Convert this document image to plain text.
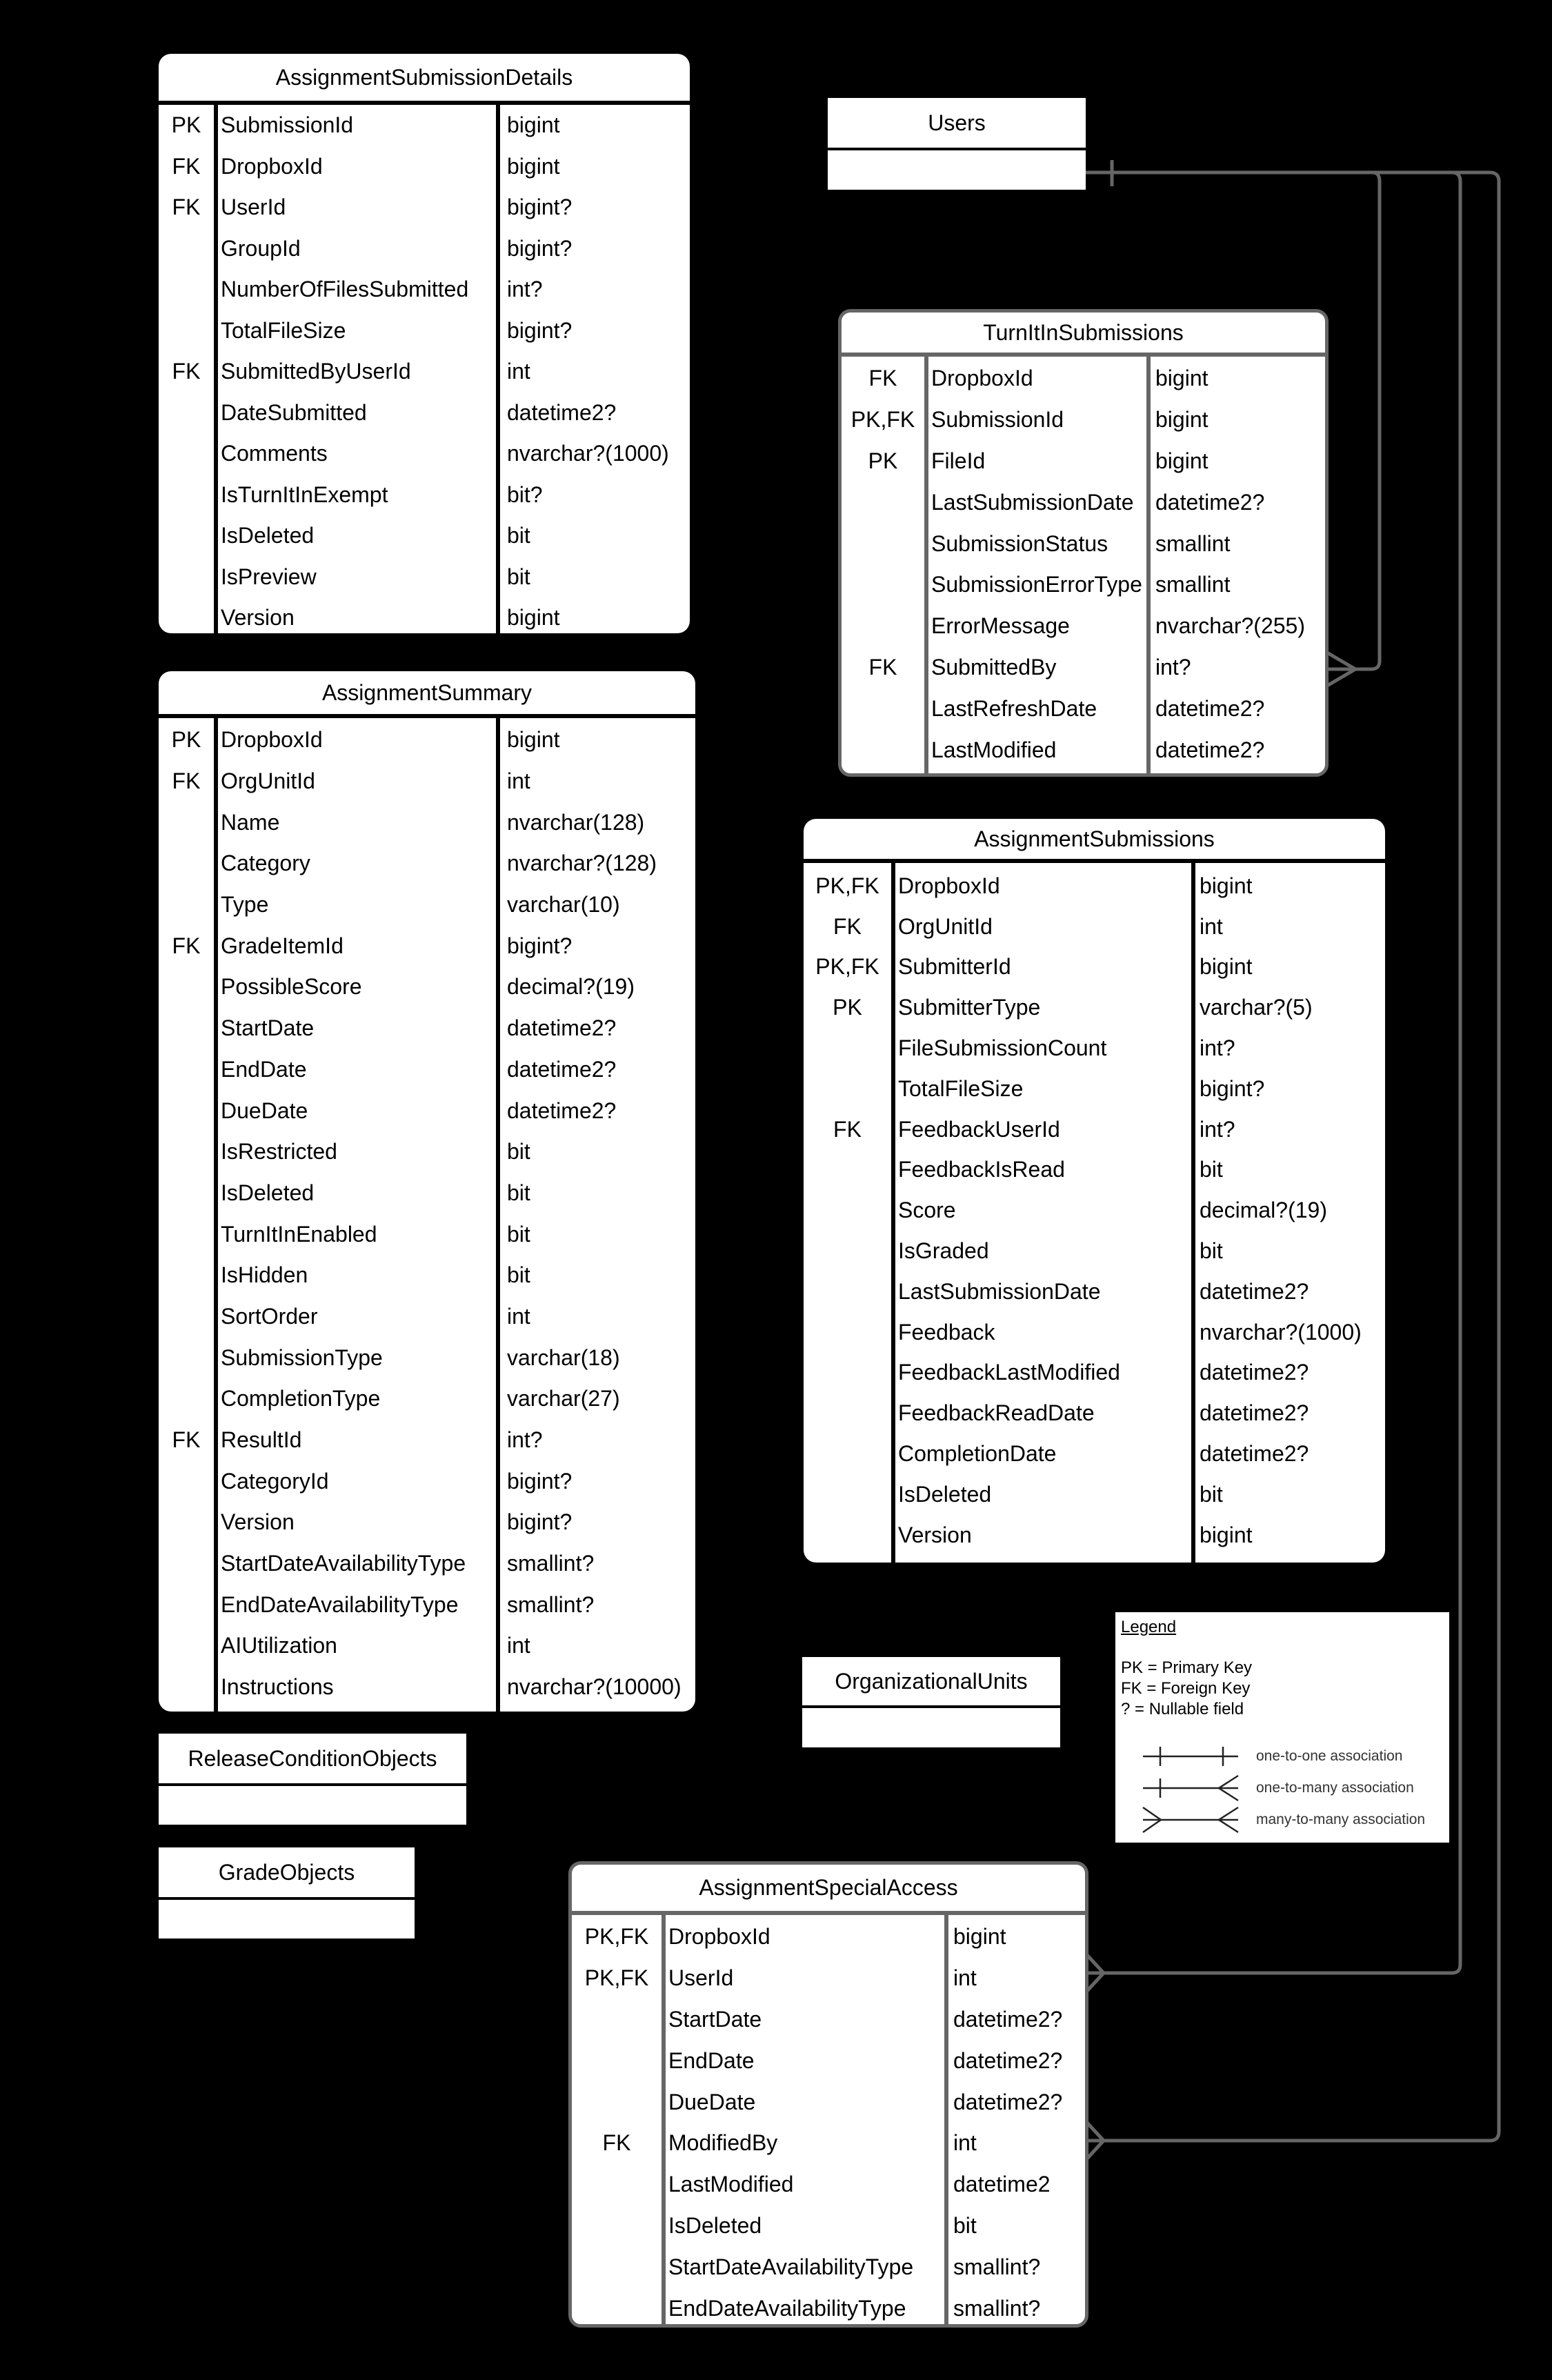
AssignmentSubmissionDetails
PK SubmissionId	bigint
FK DropboxId	bigint
FK UserId	bigint?
GroupId	bigint?
NumberOfFilesSubmitted	int?
TotalFileSize	bigint?
FK SubmittedByUserId	int
DateSubmitted	datetime2?
Comments	nvarchar?(1000)
IsTurnItInExempt	bit?
IsDeleted	bit
IsPreview	bit
Version	bigint
Users
TurnItInSubmissions
FK	DropboxId	bigint
PK,FK SubmissionId	bigint
PK	FileId	bigint
LastSubmissionDate datetime2?
SubmissionStatus	smallint
SubmissionErrorType smallint
ErrorMessage	nvarchar?(255)
FK	SubmittedBy	int?
LastRefreshDate	datetime2?
LastModified	datetime2?
AssignmentSummary
PK DropboxId	bigint
FK OrgUnitId	int
Name	nvarchar(128)
Category	nvarchar?(128)
Type	varchar(10)
FK GradeItemId	bigint?
PossibleScore	decimal?(19)
StartDate	datetime2?
EndDate	datetime2?
DueDate	datetime2?
IsRestricted	bit
IsDeleted	bit
TurnItInEnabled	bit
IsHidden	bit
SortOrder	int
SubmissionType	varchar(18)
CompletionType	varchar(27)
FK ResultId	int?
CategoryId	bigint?
Version	bigint?
StartDateAvailabilityType	smallint?
EndDateAvailabilityType	smallint?
AIUtilization	int
Instructions	nvarchar?(10000)
AssignmentSubmissions
PK,FK DropboxId	bigint
FK	OrgUnitId	int
PK,FK SubmitterId	bigint
PK	SubmitterType	varchar?(5)
FileSubmissionCount	int?
TotalFileSize	bigint?
FK	FeedbackUserId	int?
FeedbackIsRead	bit
Score	decimal?(19)
IsGraded	bit
LastSubmissionDate	datetime2?
Feedback	nvarchar?(1000)
FeedbackLastModified	datetime2?
FeedbackReadDate	datetime2?
CompletionDate	datetime2?
IsDeleted	bit
Version	bigint
OrganizationalUnits
Legend
PK = Primary Key
FK = Foreign Key
? = Nullable field
one-to-one association
one-to-many association
many-to-many association
ReleaseConditionObjects
GradeObjects
AssignmentSpecialAccess
PK,FK DropboxId	bigint
PK,FK UserId	int
StartDate	datetime2?
EndDate	datetime2?
DueDate	datetime2?
FK	ModifiedBy	int
LastModified	datetime2
IsDeleted	bit
StartDateAvailabilityType	smallint?
EndDateAvailabilityType	smallint?
